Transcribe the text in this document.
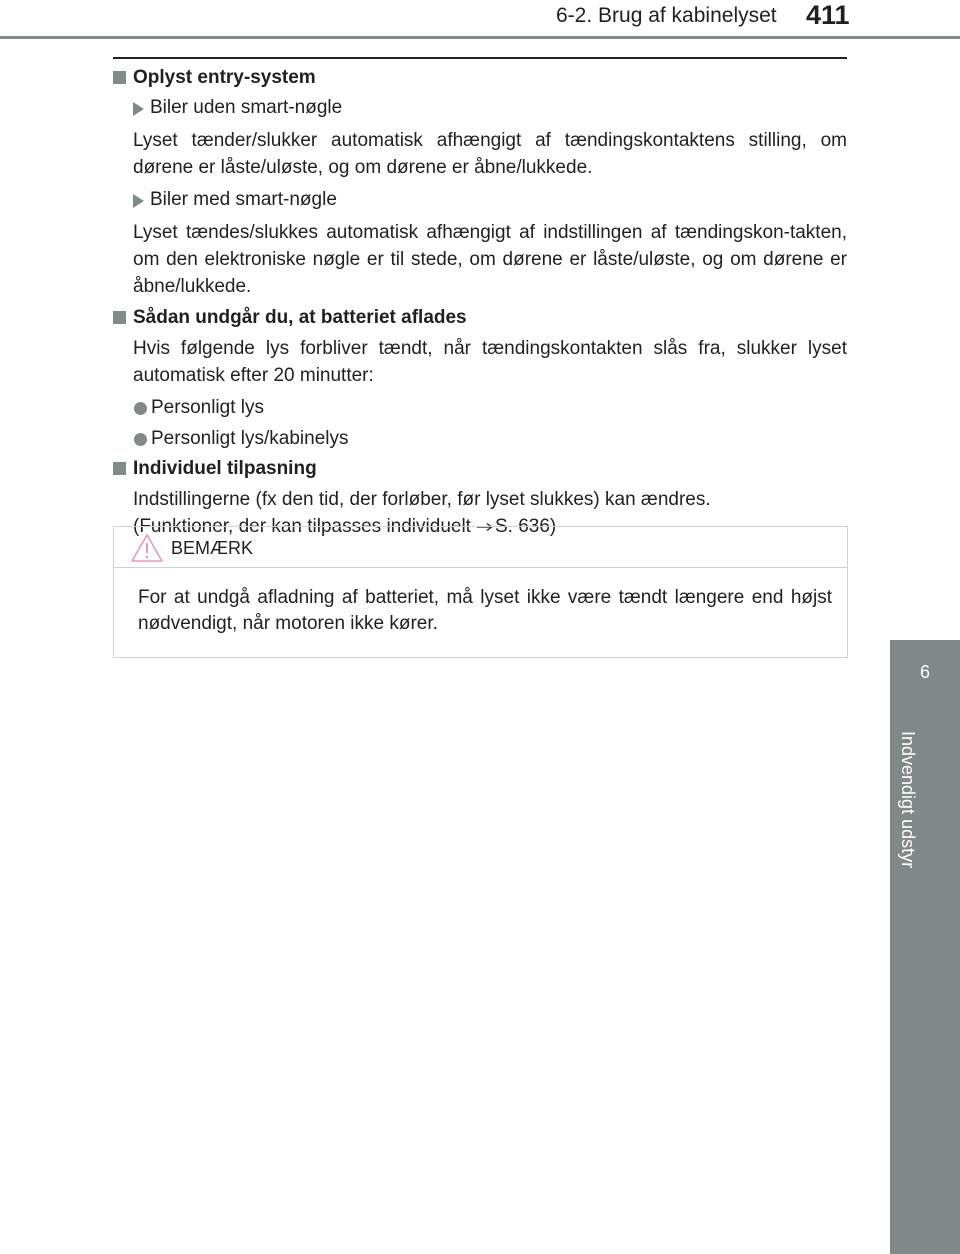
6-2. Brug af kabinelyset 411
6
Indvendigt udstyr
Oplyst entry-system
Biler uden smart-nøgle
Lyset tænder/slukker automatisk afhængigt af tændingskontaktens stilling, om dørene er låste/uløste, og om dørene er åbne/lukkede.
Biler med smart-nøgle
Lyset tændes/slukkes automatisk afhængigt af indstillingen af tændingskon-takten, om den elektroniske nøgle er til stede, om dørene er låste/uløste, og om dørene er åbne/lukkede.
Sådan undgår du, at batteriet aflades
Hvis følgende lys forbliver tændt, når tændingskontakten slås fra, slukker lyset automatisk efter 20 minutter:
Personligt lys
Personligt lys/kabinelys
Individuel tilpasning
Indstillingerne (fx den tid, der forløber, før lyset slukkes) kan ændres.
(Funktioner, der kan tilpasses individuelt S. 636)
BEMÆRK
For at undgå afladning af batteriet, må lyset ikke være tændt længere end højst nødvendigt, når motoren ikke kører.
